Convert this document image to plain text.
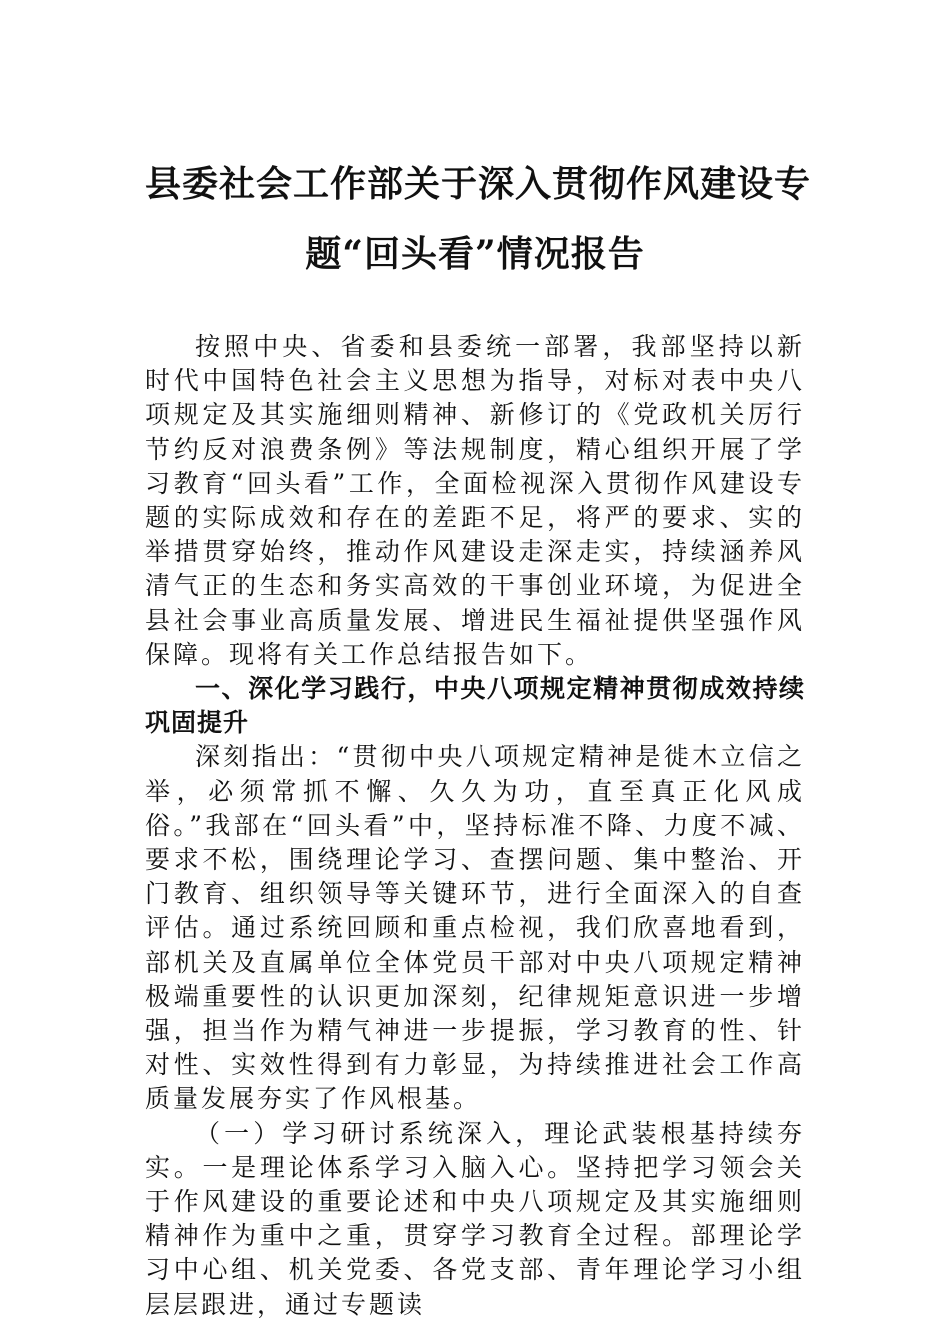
县委社会工作部关于深入贯彻作风建设专
题“回头看”情况报告

按照中央、省委和县委统一部署，我部坚持以新时代中国特色社会主义思想为指导，对标对表中央八项规定及其实施细则精神、新修订的《党政机关厉行节约反对浪费条例》等法规制度，精心组织开展了学习教育“回头看”工作，全面检视深入贯彻作风建设专题的实际成效和存在的差距不足，将严的要求、实的举措贯穿始终，推动作风建设走深走实，持续涵养风清气正的生态和务实高效的干事创业环境，为促进全县社会事业高质量发展、增进民生福祉提供坚强作风保障。现将有关工作总结报告如下。

一、深化学习践行，中央八项规定精神贯彻成效持续巩固提升

深刻指出：“贯彻中央八项规定精神是徙木立信之举，必须常抓不懈、久久为功，直至真正化风成俗。”我部在“回头看”中，坚持标准不降、力度不减、要求不松，围绕理论学习、查摆问题、集中整治、开门教育、组织领导等关键环节，进行全面深入的自查评估。通过系统回顾和重点检视，我们欣喜地看到，部机关及直属单位全体党员干部对中央八项规定精神极端重要性的认识更加深刻，纪律规矩意识进一步增强，担当作为精气神进一步提振，学习教育的性、针对性、实效性得到有力彰显，为持续推进社会工作高质量发展夯实了作风根基。

（一）学习研讨系统深入，理论武装根基持续夯实。一是理论体系学习入脑入心。坚持把学习领会关于作风建设的重要论述和中央八项规定及其实施细则精神作为重中之重，贯穿学习教育全过程。部理论学习中心组、机关党委、各党支部、青年理论学习小组层层跟进，通过专题读
